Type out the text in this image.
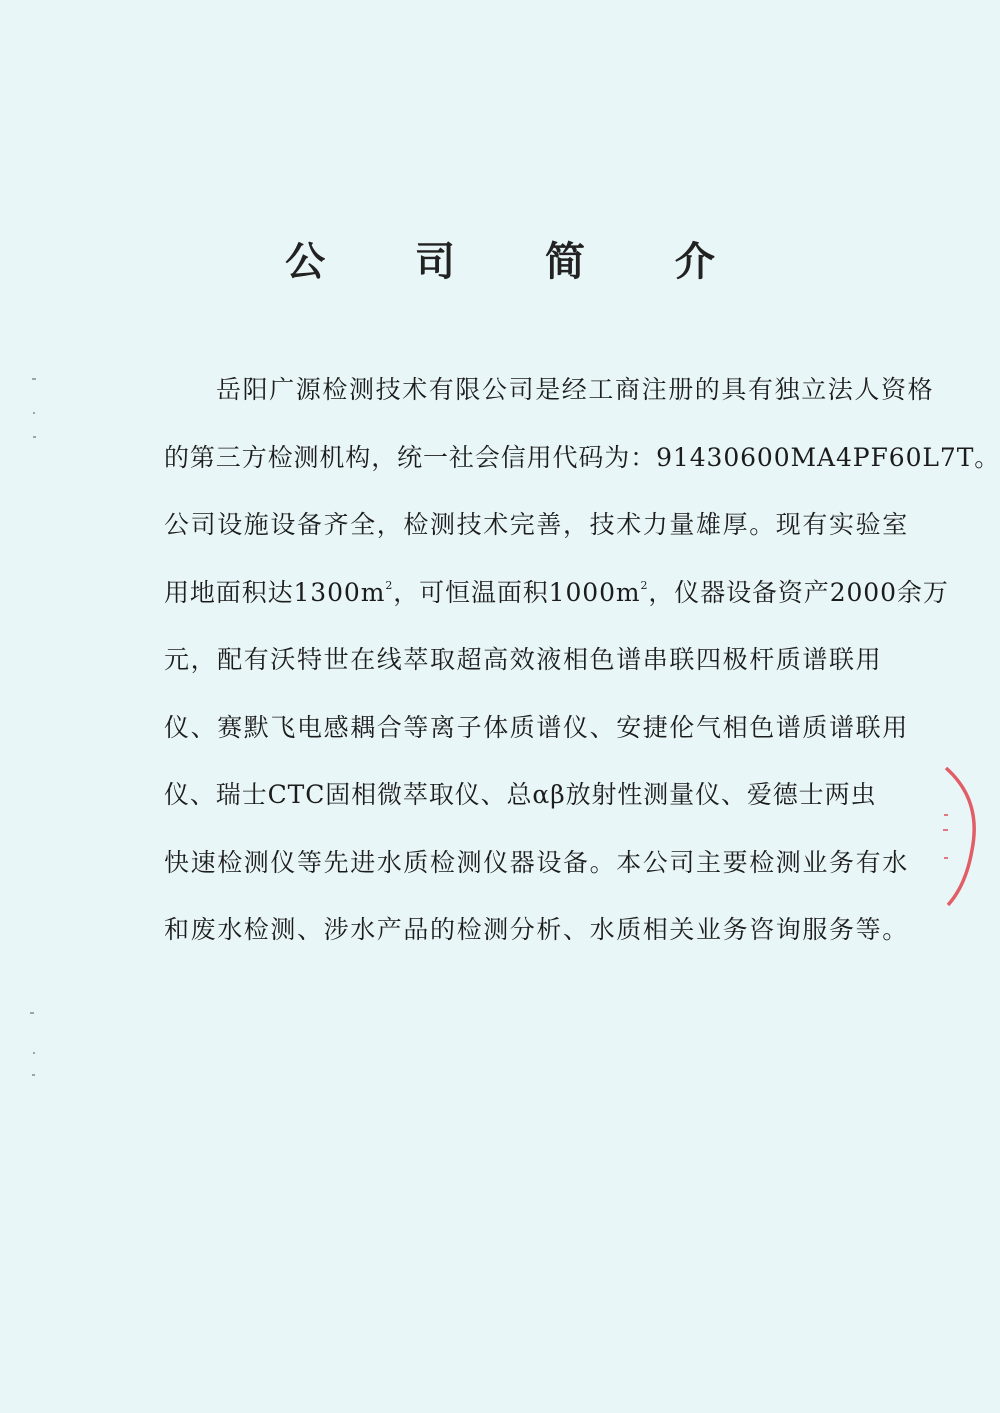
公 司 简 介
岳阳广源检测技术有限公司是经工商注册的具有独立法人资格
的第三方检测机构，统一社会信用代码为：91430600MA4PF60L7T。
公司设施设备齐全，检测技术完善，技术力量雄厚。现有实验室
用地面积达$1300m^2$，可恒温面积$1000m^2$，仪器设备资产2000余万
元，配有沃特世在线萃取超高效液相色谱串联四极杆质谱联用
仪、赛默飞电感耦合等离子体质谱仪、安捷伦气相色谱质谱联用
仪、瑞士CTC固相微萃取仪、总αβ放射性测量仪、爱德士两虫
快速检测仪等先进水质检测仪器设备。本公司主要检测业务有水
和废水检测、涉水产品的检测分析、水质相关业务咨询服务等。
